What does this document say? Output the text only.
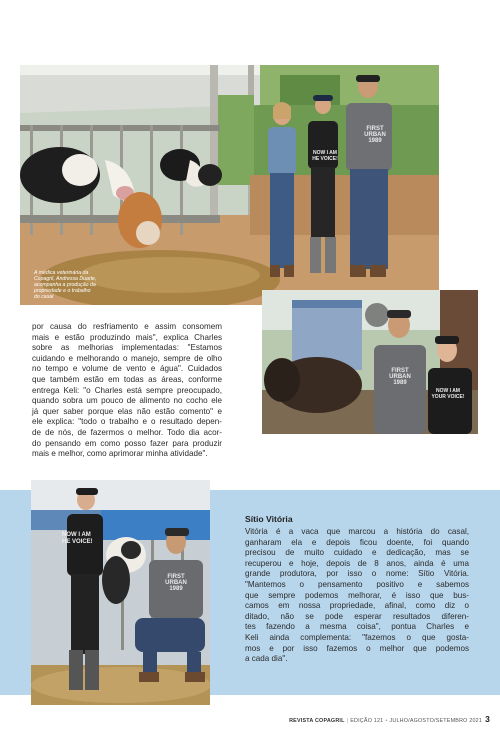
FIRST URBAN
1989
NOW I AM
HE VOICE!
A médica veterinária da
Copagril, Andressa Duarte,
acompanha a produção da
propriedade e o trabalho
do casal
FIRST URBAN
1989
NOW I AM
YOUR VOICE!
por causa do resfriamento e assim consomem
mais e estão produzindo mais", explica Charles
sobre as melhorias implementadas: "Estamos
cuidando e melhorando o manejo, sempre de olho
no tempo e volume de vento e água". Cuidados
que também estão em todas as áreas, conforme
entrega Keli: "o Charles está sempre preocupado,
quando sobra um pouco de alimento no cocho ele
já quer saber porque elas não estão comento" e
ele explica: "todo o trabalho e o resultado depen-
de de nós, de fazermos o melhor. Todo dia acor-
do pensando em como posso fazer para produzir
mais e melhor, como aprimorar minha atividade".
NOW I AM
HE VOICE!
FIRST URBAN
1989
Sítio Vitória
Vitória é a vaca que marcou a história do casal,
ganharam ela e depois ficou doente, foi quando
precisou de muito cuidado e dedicação, mas se
recuperou e hoje, depois de 8 anos, ainda é uma
grande produtora, por isso o nome: Sítio Vitória.
"Mantemos o pensamento positivo e sabemos
que sempre podemos melhorar, é isso que bus-
camos em nossa propriedade, afinal, como diz o
ditado, não se pode esperar resultados diferen-
tes fazendo a mesma coisa", pontua Charles e
Keli ainda complementa: "fazemos o que gosta-
mos e por isso fazemos o melhor que podemos
a cada dia".
REVISTA COPAGRIL | EDIÇÃO 121 • JULHO/AGOSTO/SETEMBRO 2021 3
